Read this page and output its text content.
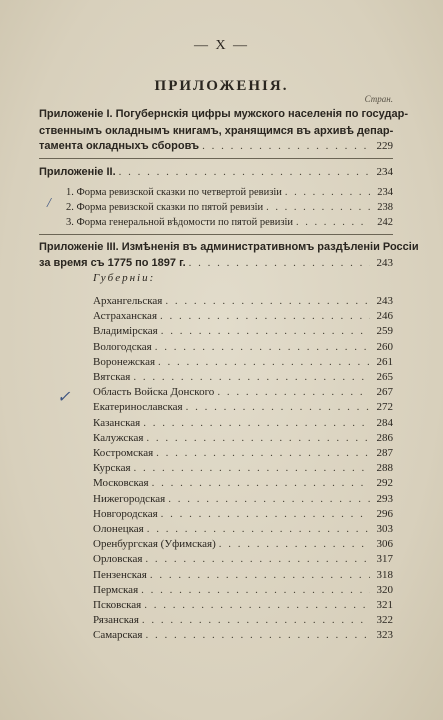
— X —
ПРИЛОЖЕНІЯ.
Стран.
Приложеніе I. Погубернскія цифры мужского населенія по государ-
ственнымъ окладнымъ книгамъ, хранящимся въ архивѣ депар-
тамента окладныхъ сборовъ . . .	229
Приложеніе II. . . .	234
1. Форма ревизской сказки по четвертой ревизіи . . .	234
2. Форма ревизской сказки по пятой ревизіи . . .	238
3. Форма генеральной вѣдомости по пятой ревизіи . . .	242
/
Приложеніе III. Измѣненія въ административномъ раздѣленіи Россіи
за время съ 1775 по 1897 г. . . .	243
Губерніи:
Архангельская . . .	243
Астраханская . . .	246
Владимірская . . .	259
Вологодская . . .	260
Воронежская . . .	261
Вятская . . .	265
Область Войска Донского . . .	267
Екатеринославская . . .	272
Казанская . . .	284
Калужская . . .	286
Костромская . . .	287
Курская . . .	288
Московская . . .	292
Нижегородская . . .	293
Новгородская . . .	296
Олонецкая . . .	303
Оренбургская (Уфимская) . . .	306
Орловская . . .	317
Пензенская . . .	318
Пермская . . .	320
Псковская . . .	321
Рязанская . . .	322
Самарская . . .	323
✓
